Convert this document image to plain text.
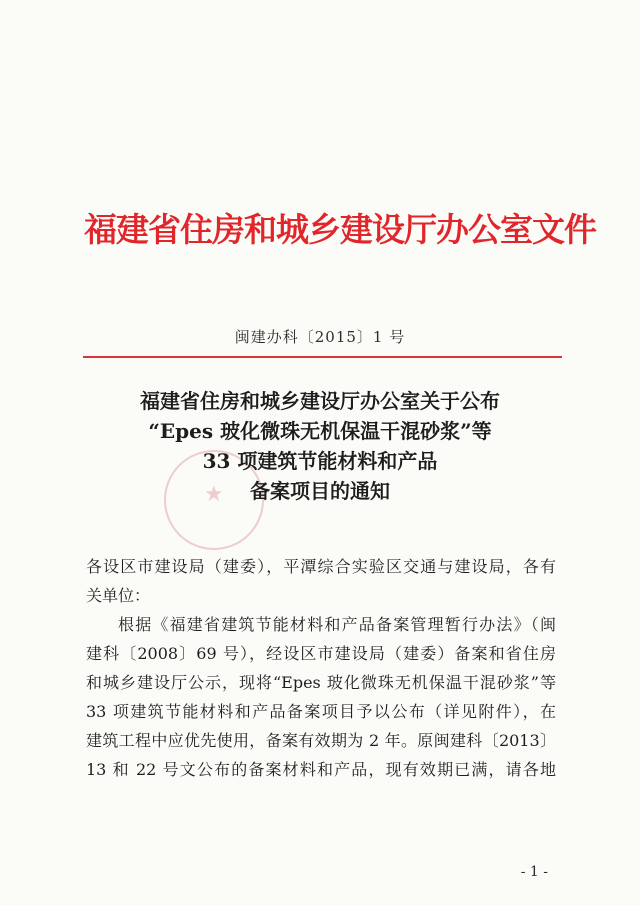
福建省住房和城乡建设厅办公室文件
闽建办科〔2015〕1 号
★
福建省住房和城乡建设厅办公室关于公布
“Epes 玻化微珠无机保温干混砂浆”等
33 项建筑节能材料和产品
备案项目的通知
各设区市建设局（建委），平潭综合实验区交通与建设局，各有
关单位：
根据《福建省建筑节能材料和产品备案管理暂行办法》（闽
建科〔2008〕69 号），经设区市建设局（建委）备案和省住房
和城乡建设厅公示，现将“Epes 玻化微珠无机保温干混砂浆”等
33 项建筑节能材料和产品备案项目予以公布（详见附件），在
建筑工程中应优先使用，备案有效期为 2 年。原闽建科〔2013〕
13 和 22 号文公布的备案材料和产品，现有效期已满，请各地
- 1 -
